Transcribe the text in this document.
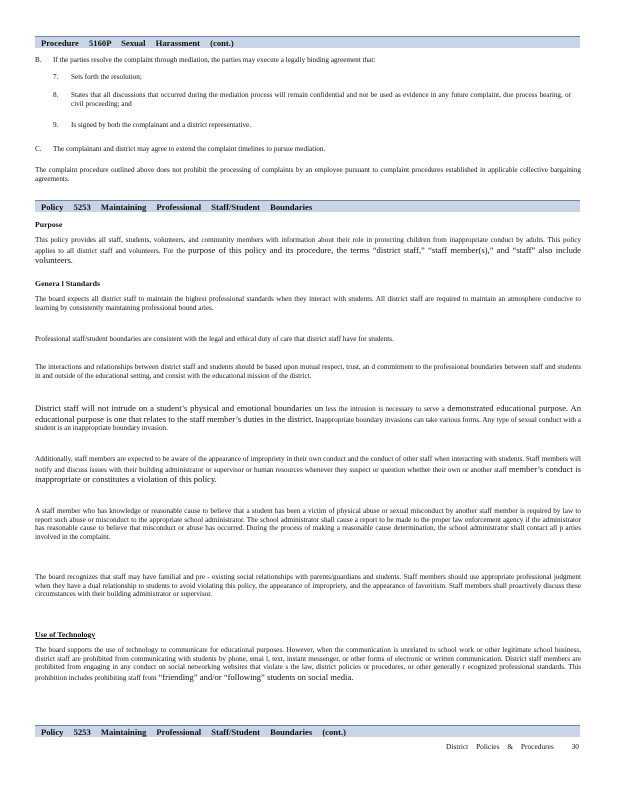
Procedure 5160P Sexual Harassment (cont.)
B. If the parties resolve the complaint through mediation, the parties may execute a legally binding agreement that:

7. Sets forth the resolution;

8. States that all discussions that occurred during the mediation process will remain confidential and not be used as evidence in any future complaint, due process hearing, or civil proceeding; and

9. Is signed by both the complainant and a district representative.

C. The complainant and district may agree to extend the complaint timelines to pursue mediation.

The complaint procedure outlined above does not prohibit the processing of complaints by an employee pursuant to complaint procedures established in applicable collective bargaining agreements.

Policy 5253 Maintaining Professional Staff/Student Boundaries

Purpose

This policy provides all staff, students, volunteers, and community members with information about their role in protecting children from inappropriate conduct by adults. This policy applies to all district staff and volunteers. For the purpose of this policy and its procedure, the terms “district staff,” “staff member(s),” and “staff” also include volunteers.

Genera l Standards

The board expects all district staff to maintain the highest professional standards when they interact with students. All district staff are required to maintain an atmosphere conducive to learning by consistently maintaining professional bound aries.

Professional staff/student boundaries are consistent with the legal and ethical duty of care that district staff have for students.

The interactions and relationships between district staff and students should be based upon mutual respect, trust, an d commitment to the professional boundaries between staff and students in and outside of the educational setting, and consist with the educational mission of the district.

District staff will not intrude on a student’s physical and emotional boundaries un less the intrusion is necessary to serve a demonstrated educational purpose. An educational purpose is one that relates to the staff member’s duties in the district. Inappropriate boundary invasions can take various forms. Any type of sexual conduct with a student is an inappropriate boundary invasion.

Additionally, staff members are expected to be aware of the appearance of impropriety in their own conduct and the conduct of other staff when interacting with students. Staff members will notify and discuss issues with their building administrator or supervisor or human resources whenever they suspect or question whether their own or another staff member’s conduct is inappropriate or constitutes a violation of this policy.

A staff member who has knowledge or reasonable cause to believe that a student has been a victim of physical abuse or sexual misconduct by another staff member is required by law to report such abuse or misconduct to the appropriate school administrator. The school administrator shall cause a report to be made to the proper law enforcement agency if the administrator has reasonable cause to believe that misconduct or abuse has occurred. During the process of making a reasonable cause determination, the school administrator shall contact all p arties involved in the complaint.

The board recognizes that staff may have familial and pre - existing social relationships with parents/guardians and students. Staff members should use appropriate professional judgment when they have a dual relationship to students to avoid violating this policy, the appearance of impropriety, and the appearance of favoritism. Staff members shall proactively discuss these circumstances with their building administrator or supervisor.

Use of Technology

The board supports the use of technology to communicate for educational purposes. However, when the communication is unrelated to school work or other legitimate school business, district staff are prohibited from communicating with students by phone, emai l, text, instant messenger, or other forms of electronic or written communication. District staff members are prohibited from engaging in any conduct on social networking websites that violate s the law, district policies or procedures, or other generally r ecognized professional standards. This prohibition includes prohibiting staff from “friending” and/or “following” students on social media.

Policy 5253 Maintaining Professional Staff/Student Boundaries (cont.)
District Policies & Procedures 30
